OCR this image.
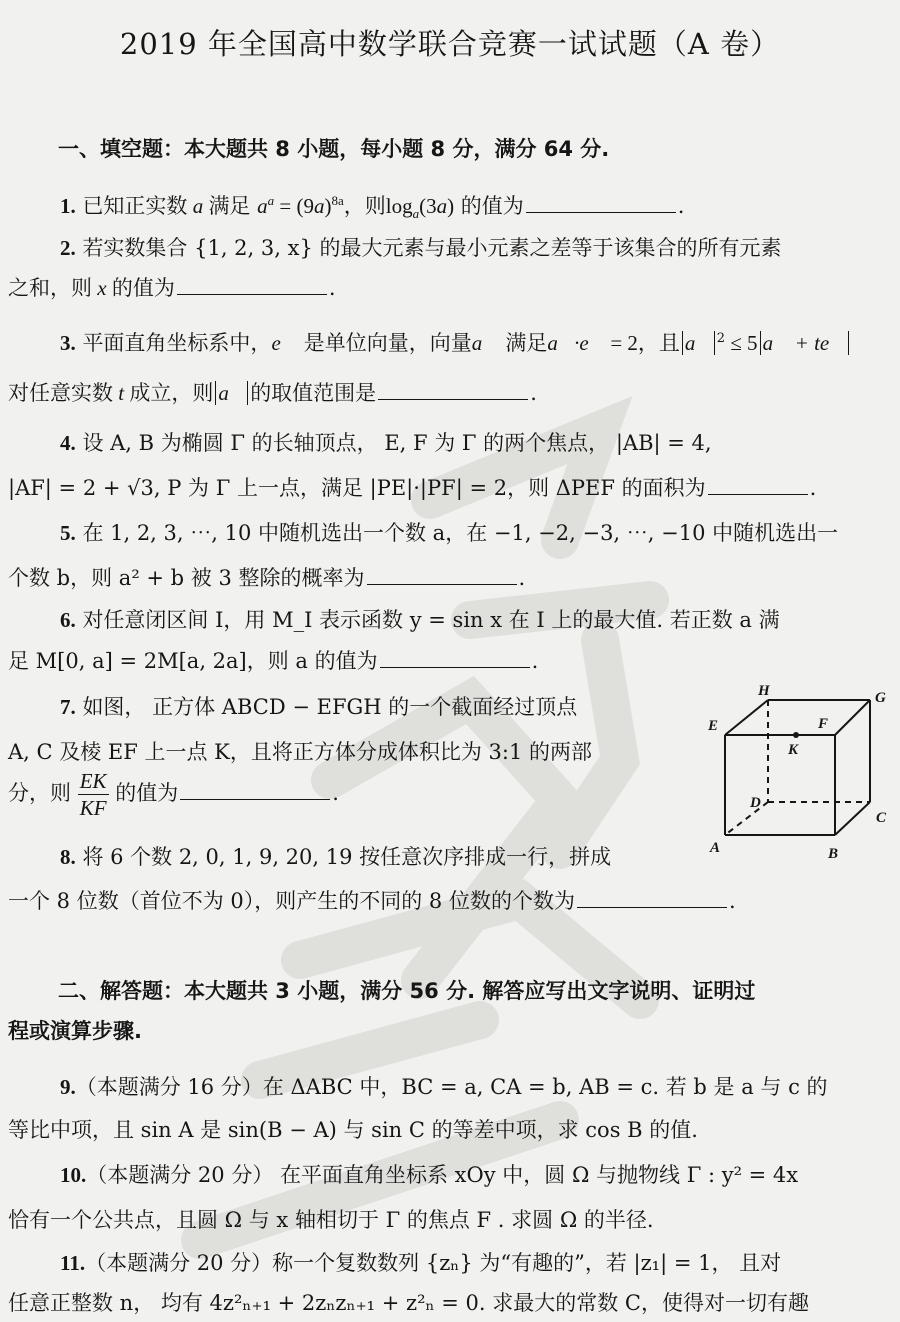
2019 年全国高中数学联合竞赛一试试题（A 卷）
一、填空题：本大题共 8 小题，每小题 8 分，满分 64 分.
1. 已知正实数 a 满足 $a^a = (9a)^{8a}$，则$\log_a(3a)$ 的值为	.
2. 若实数集合 {1, 2, 3, x} 的最大元素与最小元素之差等于该集合的所有元素
之和，则 x 的值为	.
3. 平面直角坐标系中，e⃗ 是单位向量，向量a⃗ 满足a⃗·e⃗ = 2，且 a⃗ $^2$ ≤ 5 a⃗ + te⃗
对任意实数 t 成立，则 a⃗ 的取值范围是	.
4. 设 A, B 为椭圆 Γ 的长轴顶点， E, F 为 Γ 的两个焦点， |AB| = 4,
|AF| = 2 + √3, P 为 Γ 上一点，满足 |PE|·|PF| = 2，则 ΔPEF 的面积为	.
5. 在 1, 2, 3, ⋯, 10 中随机选出一个数 a，在 −1, −2, −3, ⋯, −10 中随机选出一
个数 b，则 a² + b 被 3 整除的概率为	.
6. 对任意闭区间 I，用 M_I 表示函数 y = sin x 在 I 上的最大值. 若正数 a 满
足 M[0, a] = 2M[a, 2a]，则 a 的值为	.
7. 如图， 正方体 ABCD − EFGH 的一个截面经过顶点
A, C 及棱 EF 上一点 K，且将正方体分成体积比为 3:1 的两部
分，则 $\frac{EK}{KF}$ 的值为	.
H	G
E	F
K
D
C
A	B
8. 将 6 个数 2, 0, 1, 9, 20, 19 按任意次序排成一行，拼成
一个 8 位数（首位不为 0），则产生的不同的 8 位数的个数为	.
二、解答题：本大题共 3 小题，满分 56 分. 解答应写出文字说明、证明过
程或演算步骤.
9.（本题满分 16 分）在 ΔABC 中，BC = a, CA = b, AB = c. 若 b 是 a 与 c 的
等比中项，且 sin A 是 sin(B − A) 与 sin C 的等差中项，求 cos B 的值.
10.（本题满分 20 分） 在平面直角坐标系 xOy 中，圆 Ω 与抛物线 Γ : y² = 4x
恰有一个公共点，且圆 Ω 与 x 轴相切于 Γ 的焦点 F . 求圆 Ω 的半径.
11.（本题满分 20 分）称一个复数数列 {zₙ} 为“有趣的”，若 |z₁| = 1， 且对
任意正整数 n， 均有 4z²ₙ₊₁ + 2zₙzₙ₊₁ + z²ₙ = 0. 求最大的常数 C，使得对一切有趣
